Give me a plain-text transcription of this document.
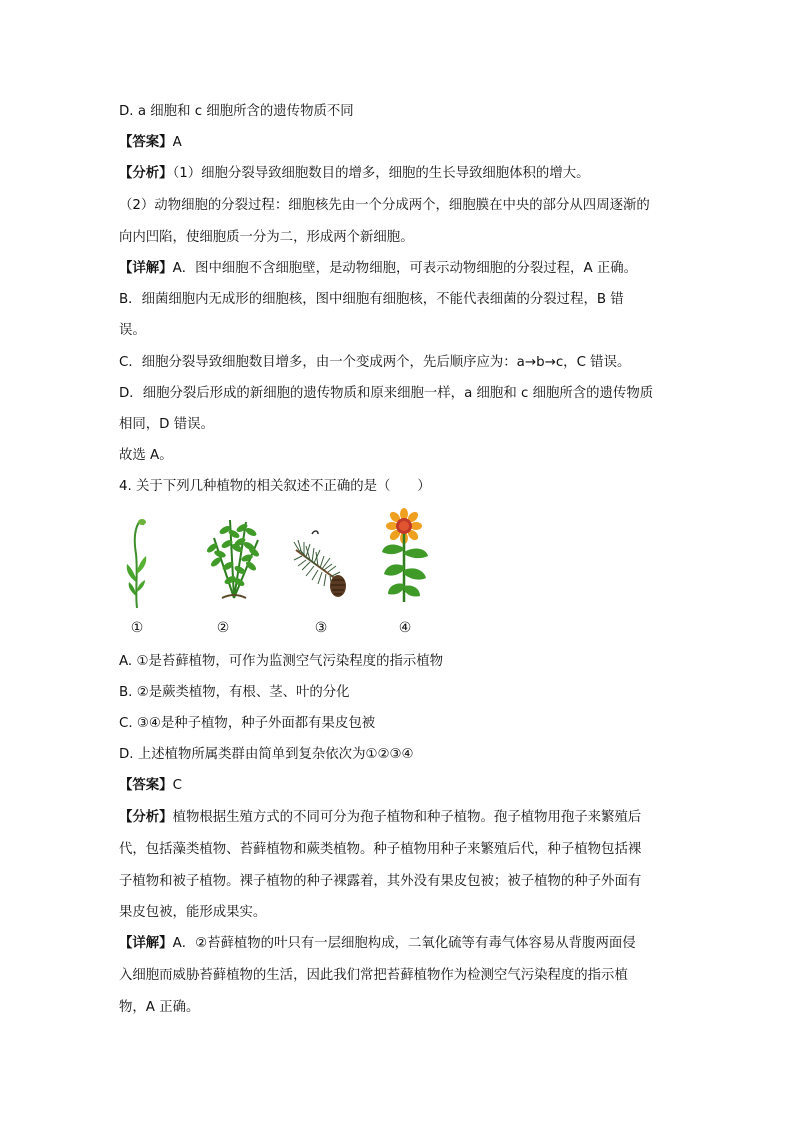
D. a 细胞和 c 细胞所含的遗传物质不同
【答案】A
【分析】（1）细胞分裂导致细胞数目的增多，细胞的生长导致细胞体积的增大。
（2）动物细胞的分裂过程：细胞核先由一个分成两个，细胞膜在中央的部分从四周逐渐的
向内凹陷，使细胞质一分为二，形成两个新细胞。
【详解】A．图中细胞不含细胞壁，是动物细胞，可表示动物细胞的分裂过程，A 正确。
B．细菌细胞内无成形的细胞核，图中细胞有细胞核，不能代表细菌的分裂过程，B 错
误。
C．细胞分裂导致细胞数目增多，由一个变成两个，先后顺序应为：a→b→c，C 错误。
D．细胞分裂后形成的新细胞的遗传物质和原来细胞一样，a 细胞和 c 细胞所含的遗传物质
相同，D 错误。
故选 A。
4. 关于下列几种植物的相关叙述不正确的是（　　）
①	②	③	④
A. ①是苔藓植物，可作为监测空气污染程度的指示植物
B. ②是蕨类植物，有根、茎、叶的分化
C. ③④是种子植物，种子外面都有果皮包被
D. 上述植物所属类群由简单到复杂依次为①②③④
【答案】C
【分析】植物根据生殖方式的不同可分为孢子植物和种子植物。孢子植物用孢子来繁殖后
代，包括藻类植物、苔藓植物和蕨类植物。种子植物用种子来繁殖后代，种子植物包括裸
子植物和被子植物。裸子植物的种子裸露着，其外没有果皮包被；被子植物的种子外面有
果皮包被，能形成果实。
【详解】A．②苔藓植物的叶只有一层细胞构成，二氧化硫等有毒气体容易从背腹两面侵
入细胞而威胁苔藓植物的生活，因此我们常把苔藓植物作为检测空气污染程度的指示植
物，A 正确。
